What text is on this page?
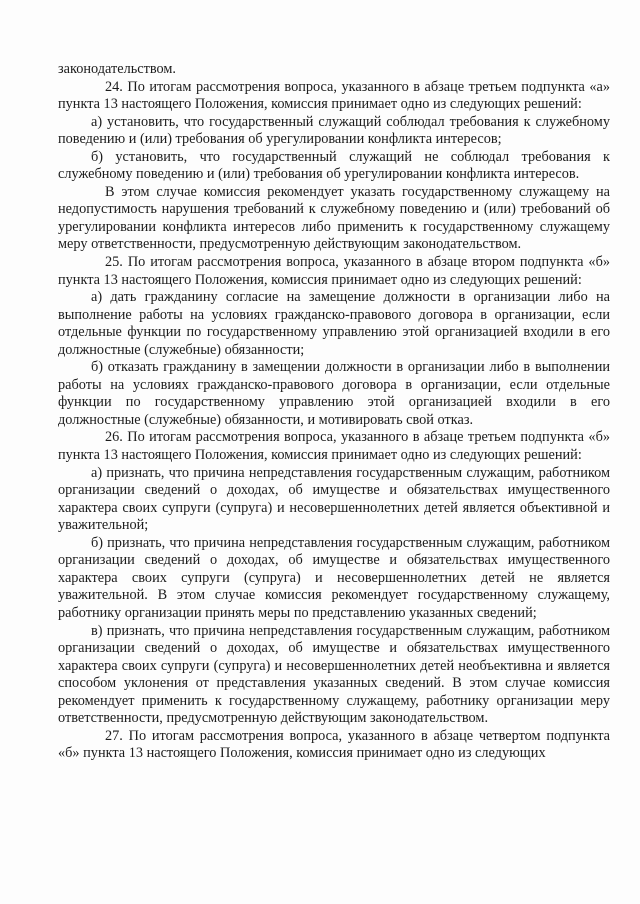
законодательством.

24. По итогам рассмотрения вопроса, указанного в абзаце третьем подпункта «а» пункта 13 настоящего Положения, комиссия принимает одно из следующих решений:

а) установить, что государственный служащий соблюдал требования к служебному поведению и (или) требования об урегулировании конфликта интересов;

б) установить, что государственный служащий не соблюдал требования к служебному поведению и (или) требования об урегулировании конфликта интересов.

В этом случае комиссия рекомендует указать государственному служащему на недопустимость нарушения требований к служебному поведению и (или) требований об урегулировании конфликта интересов либо применить к государственному служащему меру ответственности, предусмотренную действующим законодательством.

25. По итогам рассмотрения вопроса, указанного в абзаце втором подпункта «б» пункта 13 настоящего Положения, комиссия принимает одно из следующих решений:

а) дать гражданину согласие на замещение должности в организации либо на выполнение работы на условиях гражданско-правового договора в организации, если отдельные функции по государственному управлению этой организацией входили в его должностные (служебные) обязанности;

б) отказать гражданину в замещении должности в организации либо в выполнении работы на условиях гражданско-правового договора в организации, если отдельные функции по государственному управлению этой организацией входили в его должностные (служебные) обязанности, и мотивировать свой отказ.

26. По итогам рассмотрения вопроса, указанного в абзаце третьем подпункта «б» пункта 13 настоящего Положения, комиссия принимает одно из следующих решений:

а) признать, что причина непредставления государственным служащим, работником организации сведений о доходах, об имуществе и обязательствах имущественного характера своих супруги (супруга) и несовершеннолетних детей является объективной и уважительной;

б) признать, что причина непредставления государственным служащим, работником организации сведений о доходах, об имуществе и обязательствах имущественного характера своих супруги (супруга) и несовершеннолетних детей не является уважительной. В этом случае комиссия рекомендует государственному служащему, работнику организации принять меры по представлению указанных сведений;

в) признать, что причина непредставления государственным служащим, работником организации сведений о доходах, об имуществе и обязательствах имущественного характера своих супруги (супруга) и несовершеннолетних детей необъективна и является способом уклонения от представления указанных сведений. В этом случае комиссия рекомендует применить к государственному служащему, работнику организации меру ответственности, предусмотренную действующим законодательством.

27. По итогам рассмотрения вопроса, указанного в абзаце четвертом подпункта «б» пункта 13 настоящего Положения, комиссия принимает одно из следующих
